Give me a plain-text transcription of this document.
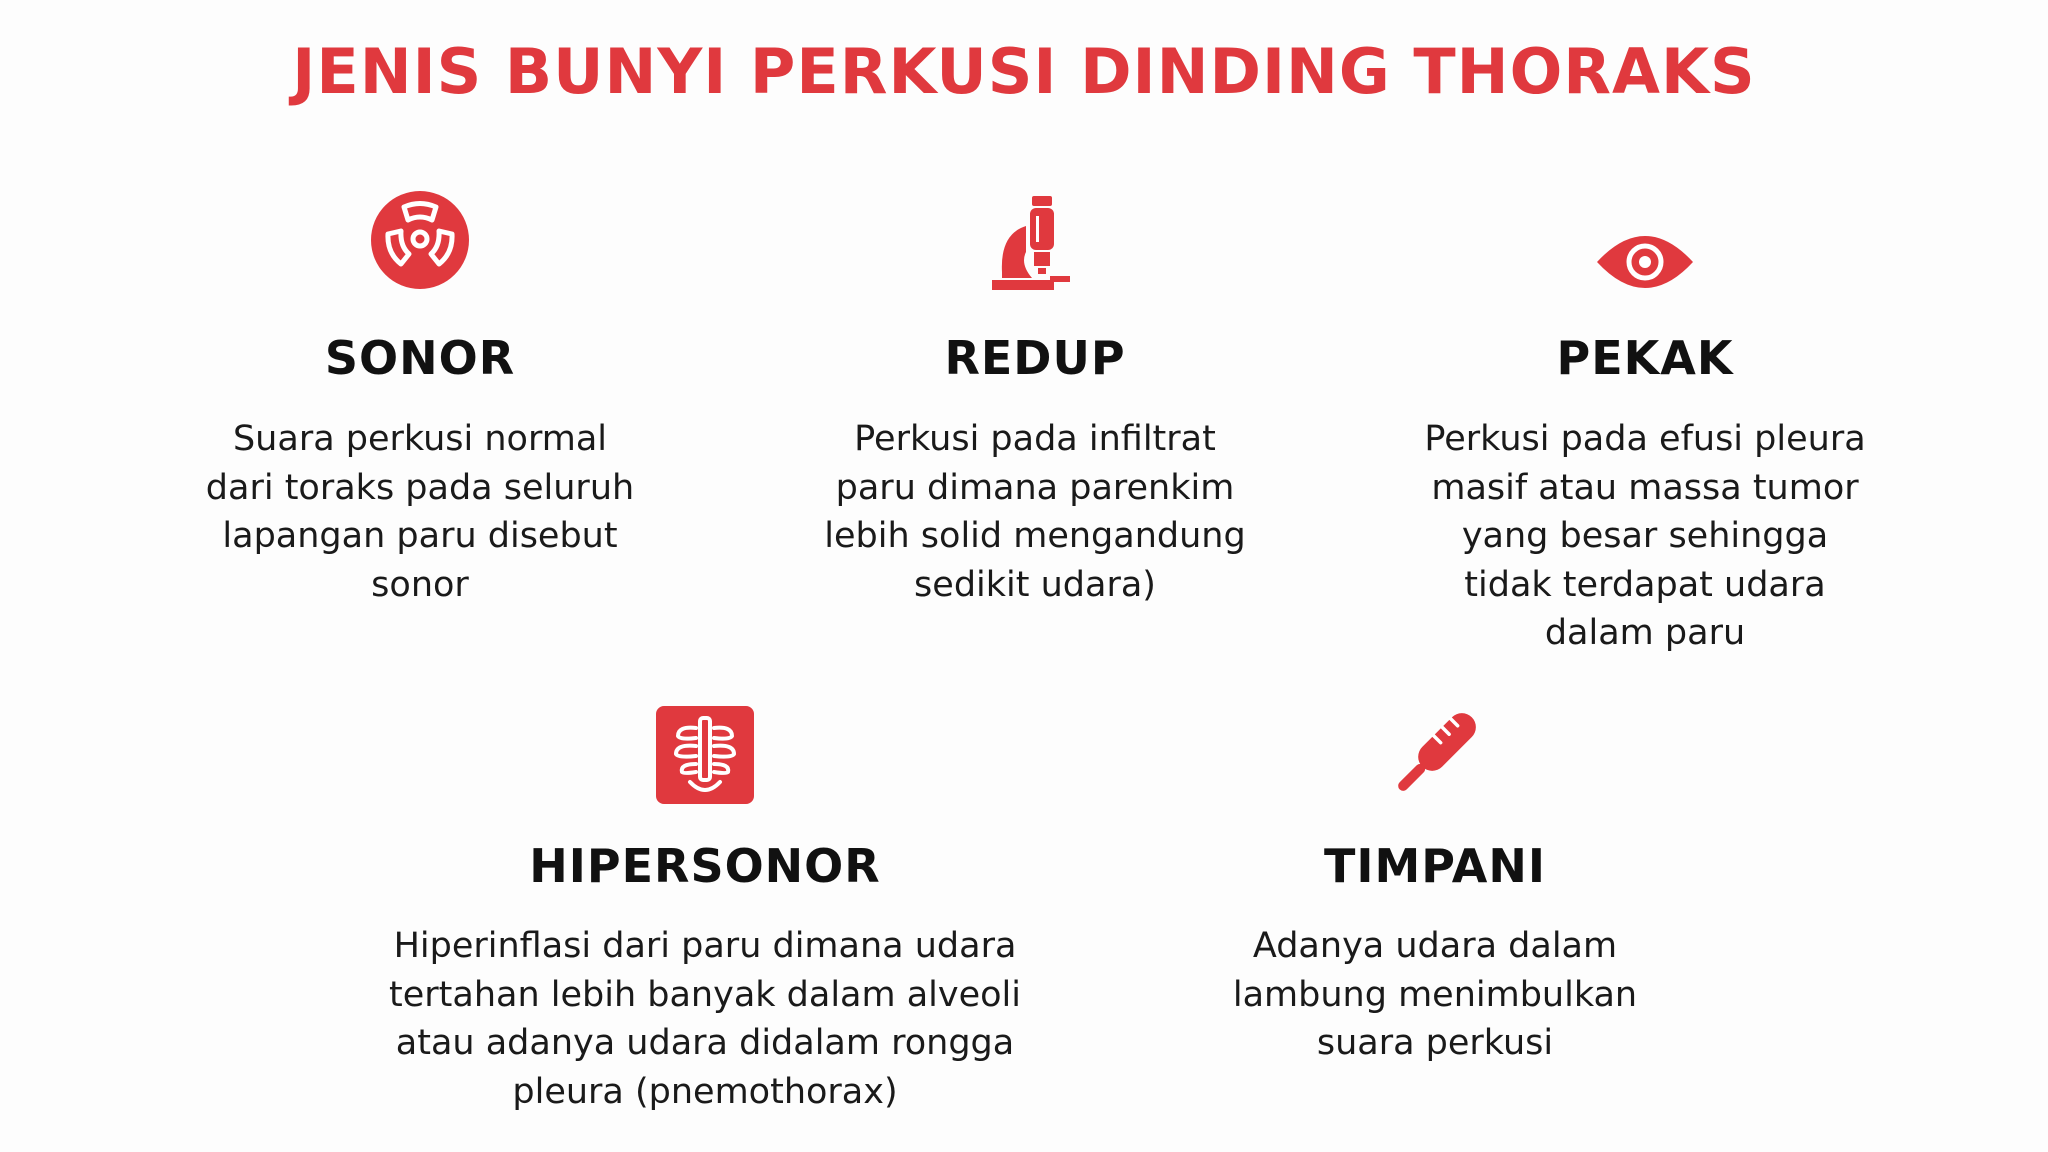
JENIS BUNYI PERKUSI DINDING THORAKS
SONOR
Suara perkusi normal
dari toraks pada seluruh
lapangan paru disebut
sonor
REDUP
Perkusi pada infiltrat
paru dimana parenkim
lebih solid mengandung
sedikit udara)
PEKAK
Perkusi pada efusi pleura
masif atau massa tumor
yang besar sehingga
tidak terdapat udara
dalam paru
HIPERSONOR
Hiperinflasi dari paru dimana udara
tertahan lebih banyak dalam alveoli
atau adanya udara didalam rongga
pleura (pnemothorax)
TIMPANI
Adanya udara dalam
lambung menimbulkan
suara perkusi
